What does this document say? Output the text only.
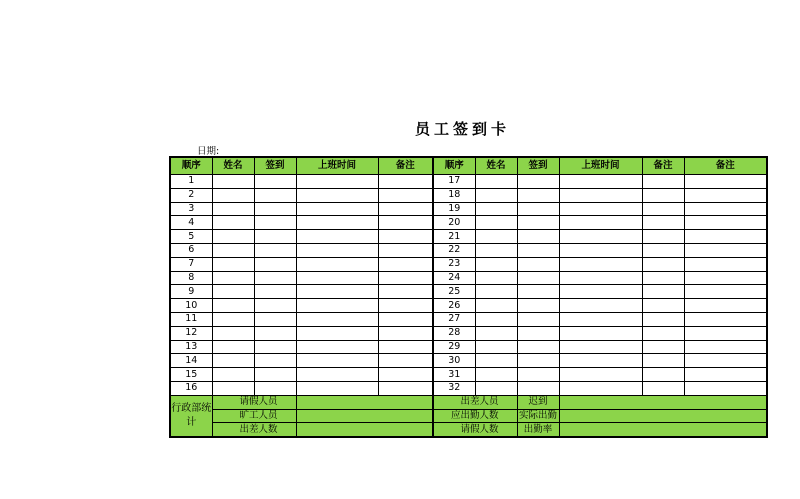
员工签到卡
日期:
顺序	姓名	签到	上班时间	备注	顺序	姓名	签到	上班时间	备注	备注
1					17					
2					18					
3					19					
4					20					
5					21					
6					22					
7					23					
8					24					
9					25					
10					26					
11					27					
12					28					
13					29					
14					30					
15					31					
16					32					
行政部统计	请假人员				出差人员		迟到			
	旷工人员				应出勤人数		实际出勤			
	出差人数				请假人数		出勤率			
